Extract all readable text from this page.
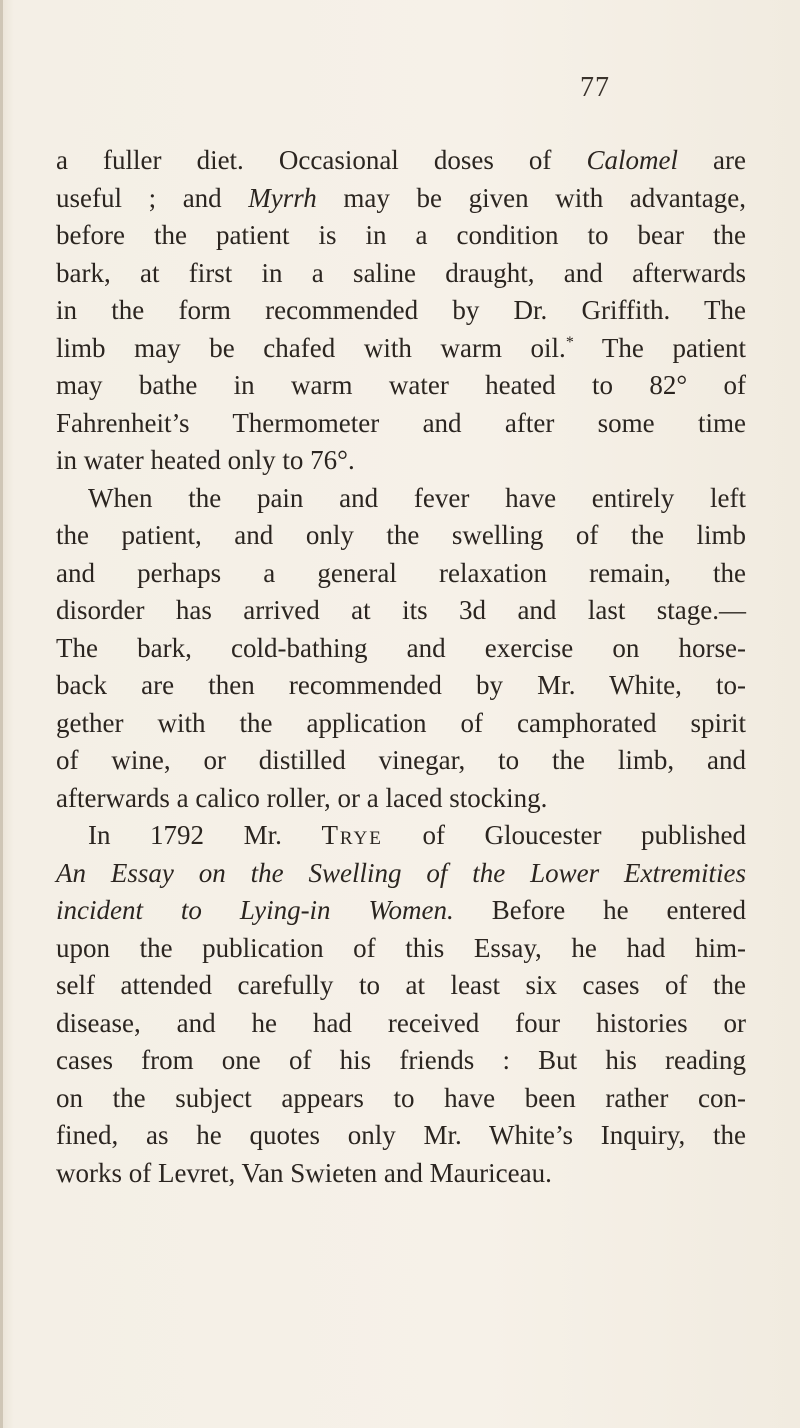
77
a fuller diet. Occasional doses of Calomel are
useful ; and Myrrh may be given with advantage,
before the patient is in a condition to bear the
bark, at first in a saline draught, and afterwards
in the form recommended by Dr. Griffith. The
limb may be chafed with warm oil.* The patient
may bathe in warm water heated to 82° of
Fahrenheit’s Thermometer and after some time
in water heated only to 76°.
When the pain and fever have entirely left
the patient, and only the swelling of the limb
and perhaps a general relaxation remain, the
disorder has arrived at its 3d and last stage.—
The bark, cold-bathing and exercise on horse-
back are then recommended by Mr. White, to-
gether with the application of camphorated spirit
of wine, or distilled vinegar, to the limb, and
afterwards a calico roller, or a laced stocking.
In 1792 Mr. Trye of Gloucester published
An Essay on the Swelling of the Lower Extremities
incident to Lying-in Women. Before he entered
upon the publication of this Essay, he had him-
self attended carefully to at least six cases of the
disease, and he had received four histories or
cases from one of his friends : But his reading
on the subject appears to have been rather con-
fined, as he quotes only Mr. White’s Inquiry, the
works of Levret, Van Swieten and Mauriceau.
